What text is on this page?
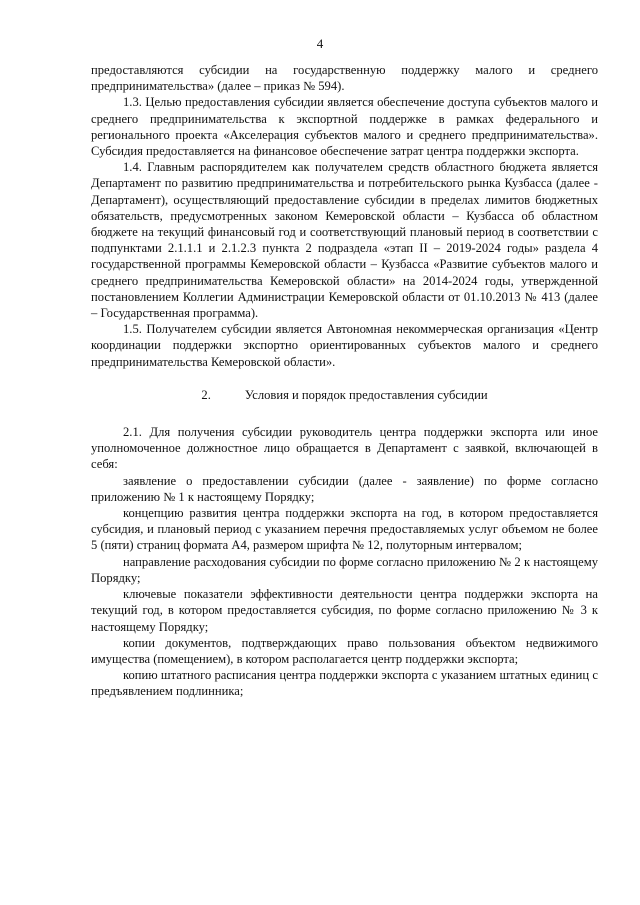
4

предоставляются субсидии на государственную поддержку малого и среднего предпринимательства» (далее – приказ № 594).

1.3. Целью предоставления субсидии является обеспечение доступа субъектов малого и среднего предпринимательства к экспортной поддержке в рамках федерального и регионального проекта «Акселерация субъектов малого и среднего предпринимательства». Субсидия предоставляется на финансовое обеспечение затрат центра поддержки экспорта.

1.4. Главным распорядителем как получателем средств областного бюджета является Департамент по развитию предпринимательства и потребительского рынка Кузбасса (далее - Департамент), осуществляющий предоставление субсидии в пределах лимитов бюджетных обязательств, предусмотренных законом Кемеровской области – Кузбасса об областном бюджете на текущий финансовый год и соответствующий плановый период в соответствии с подпунктами 2.1.1.1 и 2.1.2.3 пункта 2 подраздела «этап II – 2019-2024 годы» раздела 4 государственной программы Кемеровской области – Кузбасса «Развитие субъектов малого и среднего предпринимательства Кемеровской области» на 2014-2024 годы, утвержденной постановлением Коллегии Администрации Кемеровской области от 01.10.2013 № 413 (далее – Государственная программа).

1.5. Получателем субсидии является Автономная некоммерческая организация «Центр координации поддержки экспортно ориентированных субъектов малого и среднего предпринимательства Кемеровской области».

2.	Условия и порядок предоставления субсидии

2.1. Для получения субсидии руководитель центра поддержки экспорта или иное уполномоченное должностное лицо обращается в Департамент с заявкой, включающей в себя:

заявление о предоставлении субсидии (далее - заявление) по форме согласно приложению № 1 к настоящему Порядку;

концепцию развития центра поддержки экспорта на год, в котором предоставляется субсидия, и плановый период с указанием перечня предоставляемых услуг объемом не более 5 (пяти) страниц формата А4, размером шрифта № 12, полуторным интервалом;

направление расходования субсидии по форме согласно приложению № 2 к настоящему Порядку;

ключевые показатели эффективности деятельности центра поддержки экспорта на текущий год, в котором предоставляется субсидия, по форме согласно приложению № 3 к настоящему Порядку;

копии документов, подтверждающих право пользования объектом недвижимого имущества (помещением), в котором располагается центр поддержки экспорта;

копию штатного расписания центра поддержки экспорта с указанием штатных единиц с предъявлением подлинника;
